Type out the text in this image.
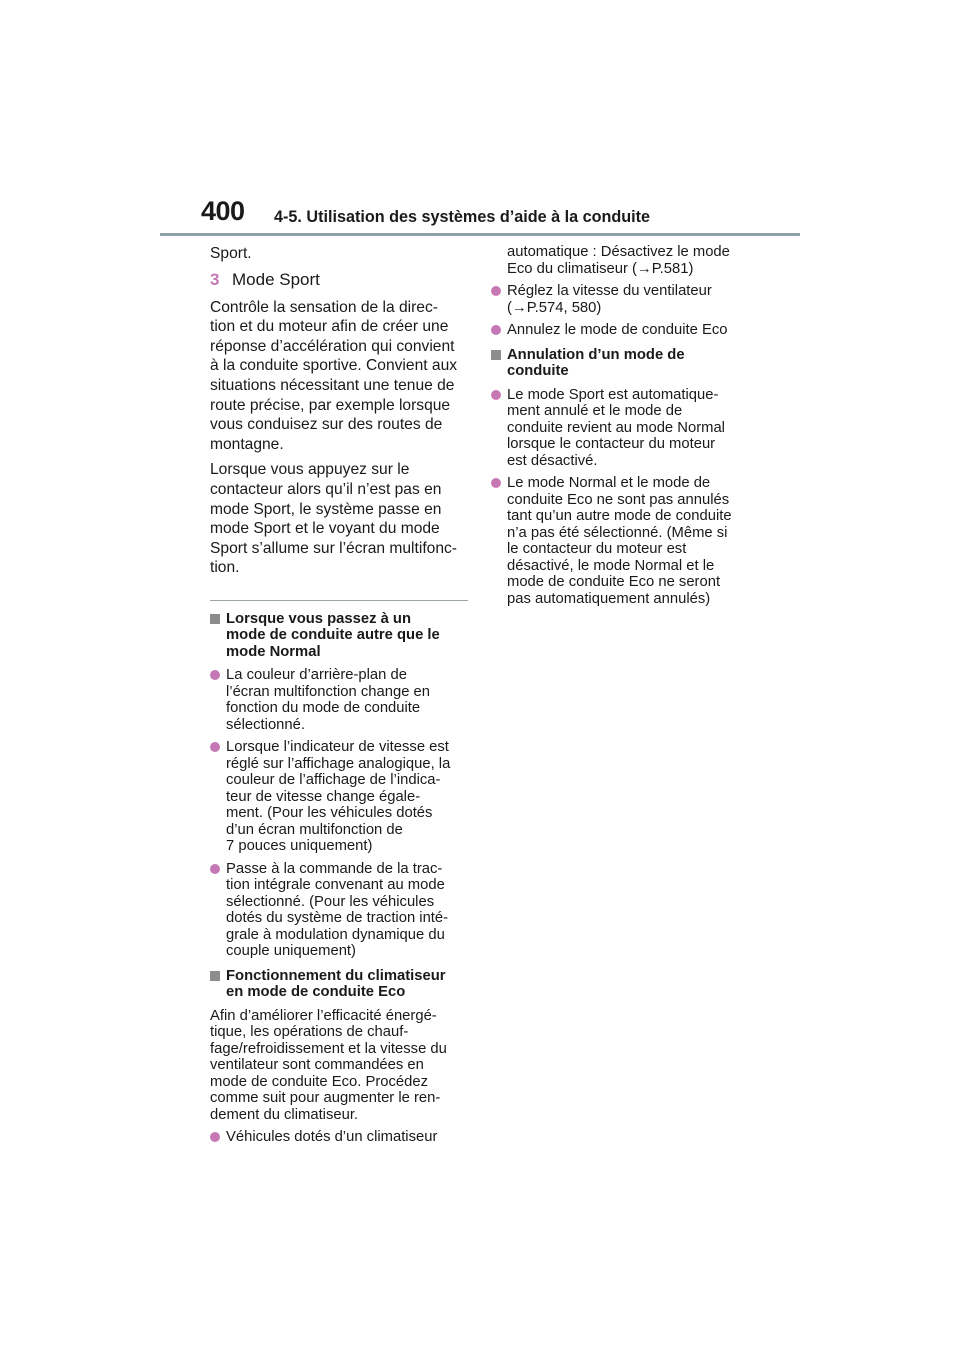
400 4-5. Utilisation des systèmes d’aide à la conduite

Sport.

3 Mode Sport
Contrôle la sensation de la direc-
tion et du moteur afin de créer une
réponse d’accélération qui convient
à la conduite sportive. Convient aux
situations nécessitant une tenue de
route précise, par exemple lorsque
vous conduisez sur des routes de
montagne.
Lorsque vous appuyez sur le
contacteur alors qu’il n’est pas en
mode Sport, le système passe en
mode Sport et le voyant du mode
Sport s’allume sur l’écran multifonc-
tion.
Lorsque vous passez à un
mode de conduite autre que le
mode Normal
La couleur d’arrière-plan de
l’écran multifonction change en
fonction du mode de conduite
sélectionné.
Lorsque l’indicateur de vitesse est
réglé sur l’affichage analogique, la
couleur de l’affichage de l’indica-
teur de vitesse change égale-
ment. (Pour les véhicules dotés
d’un écran multifonction de
7 pouces uniquement)
Passe à la commande de la trac-
tion intégrale convenant au mode
sélectionné. (Pour les véhicules
dotés du système de traction inté-
grale à modulation dynamique du
couple uniquement)
Fonctionnement du climatiseur
en mode de conduite Eco
Afin d’améliorer l’efficacité énergé-
tique, les opérations de chauf-
fage/refroidissement et la vitesse du
ventilateur sont commandées en
mode de conduite Eco. Procédez
comme suit pour augmenter le ren-
dement du climatiseur.
Véhicules dotés d’un climatiseur
automatique : Désactivez le mode
Eco du climatiseur (→P.581)
Réglez la vitesse du ventilateur
(→P.574, 580)
Annulez le mode de conduite Eco
Annulation d’un mode de
conduite
Le mode Sport est automatique-
ment annulé et le mode de
conduite revient au mode Normal
lorsque le contacteur du moteur
est désactivé.
Le mode Normal et le mode de
conduite Eco ne sont pas annulés
tant qu’un autre mode de conduite
n’a pas été sélectionné. (Même si
le contacteur du moteur est
désactivé, le mode Normal et le
mode de conduite Eco ne seront
pas automatiquement annulés)
